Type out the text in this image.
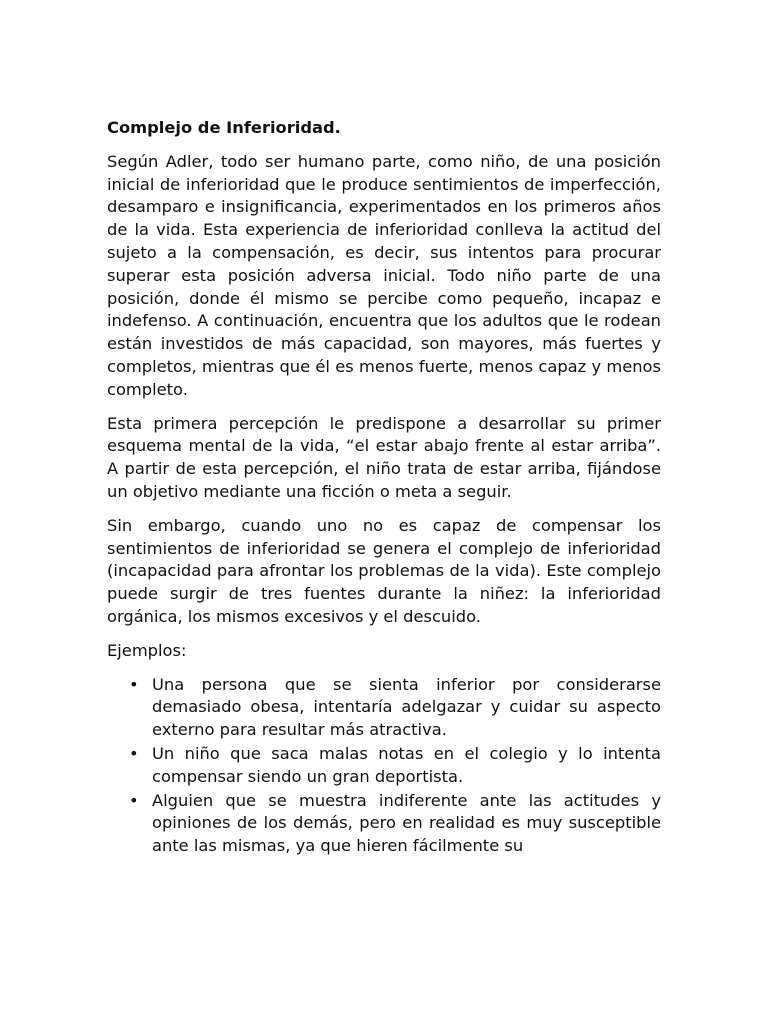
Complejo de Inferioridad.

Según Adler, todo ser humano parte, como niño, de una posición inicial de inferioridad que le produce sentimientos de imperfección, desamparo e insignificancia, experimentados en los primeros años de la vida. Esta experiencia de inferioridad conlleva la actitud del sujeto a la compensación, es decir, sus intentos para procurar superar esta posición adversa inicial. Todo niño parte de una posición, donde él mismo se percibe como pequeño, incapaz e indefenso. A continuación, encuentra que los adultos que le rodean están investidos de más capacidad, son mayores, más fuertes y completos, mientras que él es menos fuerte, menos capaz y menos completo.

Esta primera percepción le predispone a desarrollar su primer esquema mental de la vida, “el estar abajo frente al estar arriba”. A partir de esta percepción, el niño trata de estar arriba, fijándose un objetivo mediante una ficción o meta a seguir.

Sin embargo, cuando uno no es capaz de compensar los sentimientos de inferioridad se genera el complejo de inferioridad (incapacidad para afrontar los problemas de la vida). Este complejo puede surgir de tres fuentes durante la niñez: la inferioridad orgánica, los mismos excesivos y el descuido.

Ejemplos:

• Una persona que se sienta inferior por considerarse demasiado obesa, intentaría adelgazar y cuidar su aspecto externo para resultar más atractiva.
• Un niño que saca malas notas en el colegio y lo intenta compensar siendo un gran deportista.
• Alguien que se muestra indiferente ante las actitudes y opiniones de los demás, pero en realidad es muy susceptible ante las mismas, ya que hieren fácilmente su
